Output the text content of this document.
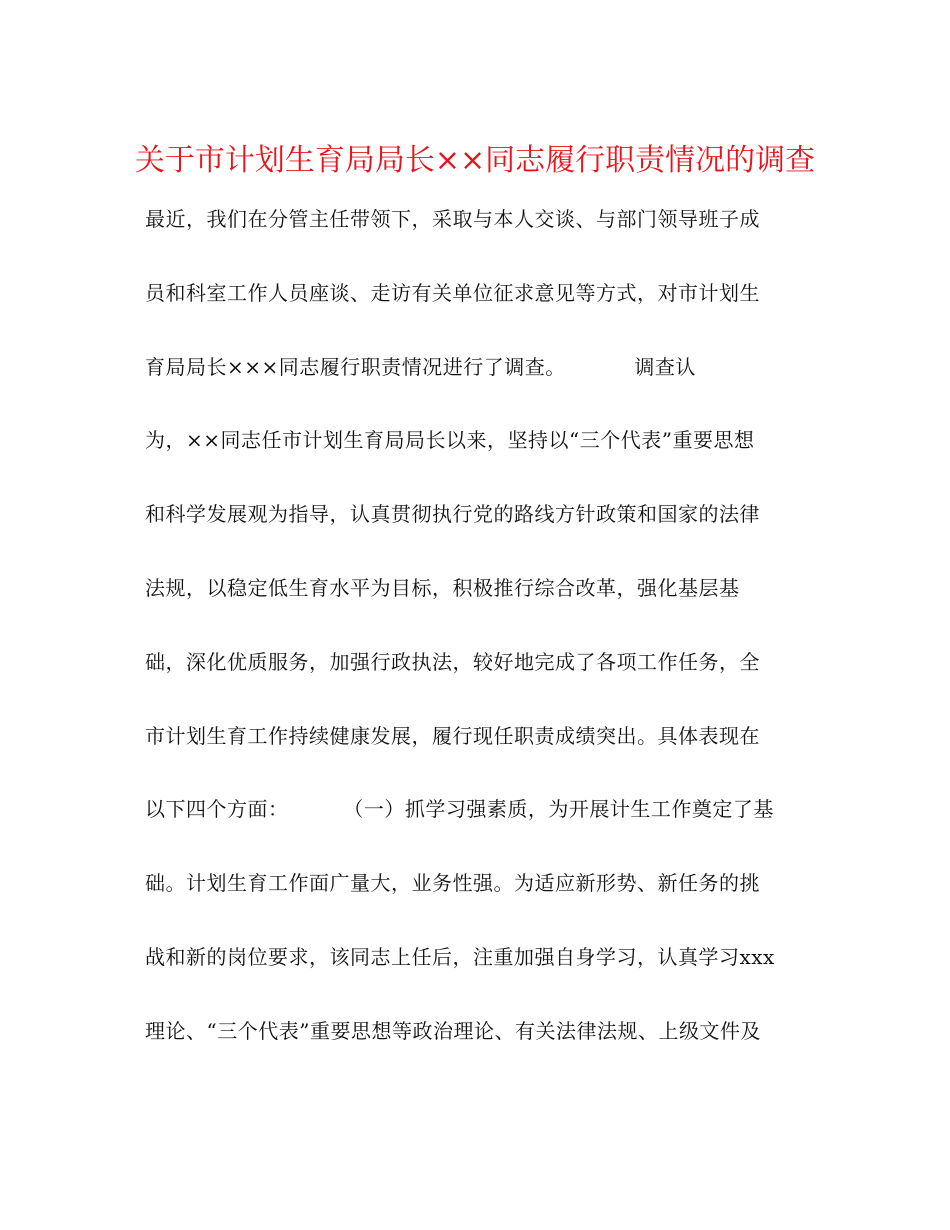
关于市计划生育局局长××同志履行职责情况的调查
最近，我们在分管主任带领下，采取与本人交谈、与部门领导班子成
员和科室工作人员座谈、走访有关单位征求意见等方式，对市计划生
育局局长×××同志履行职责情况进行了调查。          调查认
为，××同志任市计划生育局局长以来，坚持以“三个代表”重要思想
和科学发展观为指导，认真贯彻执行党的路线方针政策和国家的法律
法规，以稳定低生育水平为目标，积极推行综合改革，强化基层基
础，深化优质服务，加强行政执法，较好地完成了各项工作任务，全
市计划生育工作持续健康发展，履行现任职责成绩突出。具体表现在
以下四个方面：        （一）抓学习强素质，为开展计生工作奠定了基
础。计划生育工作面广量大，业务性强。为适应新形势、新任务的挑
战和新的岗位要求，该同志上任后，注重加强自身学习，认真学习xxx
理论、“三个代表”重要思想等政治理论、有关法律法规、上级文件及
